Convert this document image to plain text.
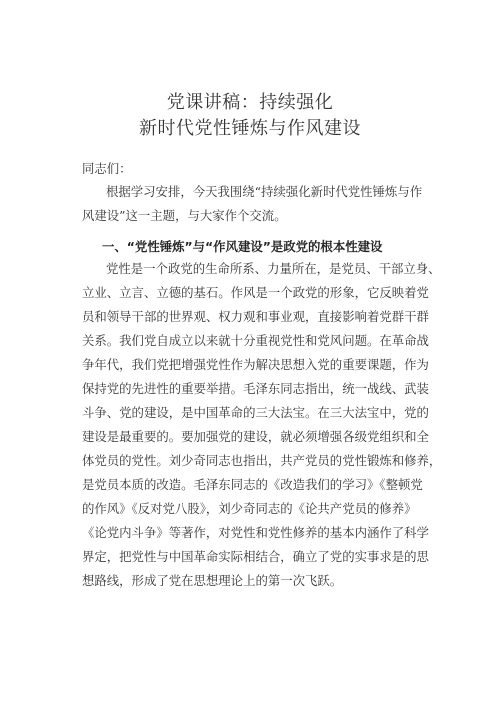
党课讲稿：持续强化
新时代党性锤炼与作风建设
同志们：
根据学习安排，今天我围绕“持续强化新时代党性锤炼与作
风建设”这一主题，与大家作个交流。
一、“党性锤炼”与“作风建设”是政党的根本性建设
党性是一个政党的生命所系、力量所在，是党员、干部立身、
立业、立言、立德的基石。作风是一个政党的形象，它反映着党
员和领导干部的世界观、权力观和事业观，直接影响着党群干群
关系。我们党自成立以来就十分重视党性和党风问题。在革命战
争年代，我们党把增强党性作为解决思想入党的重要课题，作为
保持党的先进性的重要举措。毛泽东同志指出，统一战线、武装
斗争、党的建设，是中国革命的三大法宝。在三大法宝中，党的
建设是最重要的。要加强党的建设，就必须增强各级党组织和全
体党员的党性。刘少奇同志也指出，共产党员的党性锻炼和修养，
是党员本质的改造。毛泽东同志的《改造我们的学习》《整顿党
的作风》《反对党八股》，刘少奇同志的《论共产党员的修养》
《论党内斗争》等著作，对党性和党性修养的基本内涵作了科学
界定，把党性与中国革命实际相结合，确立了党的实事求是的思
想路线，形成了党在思想理论上的第一次飞跃。
